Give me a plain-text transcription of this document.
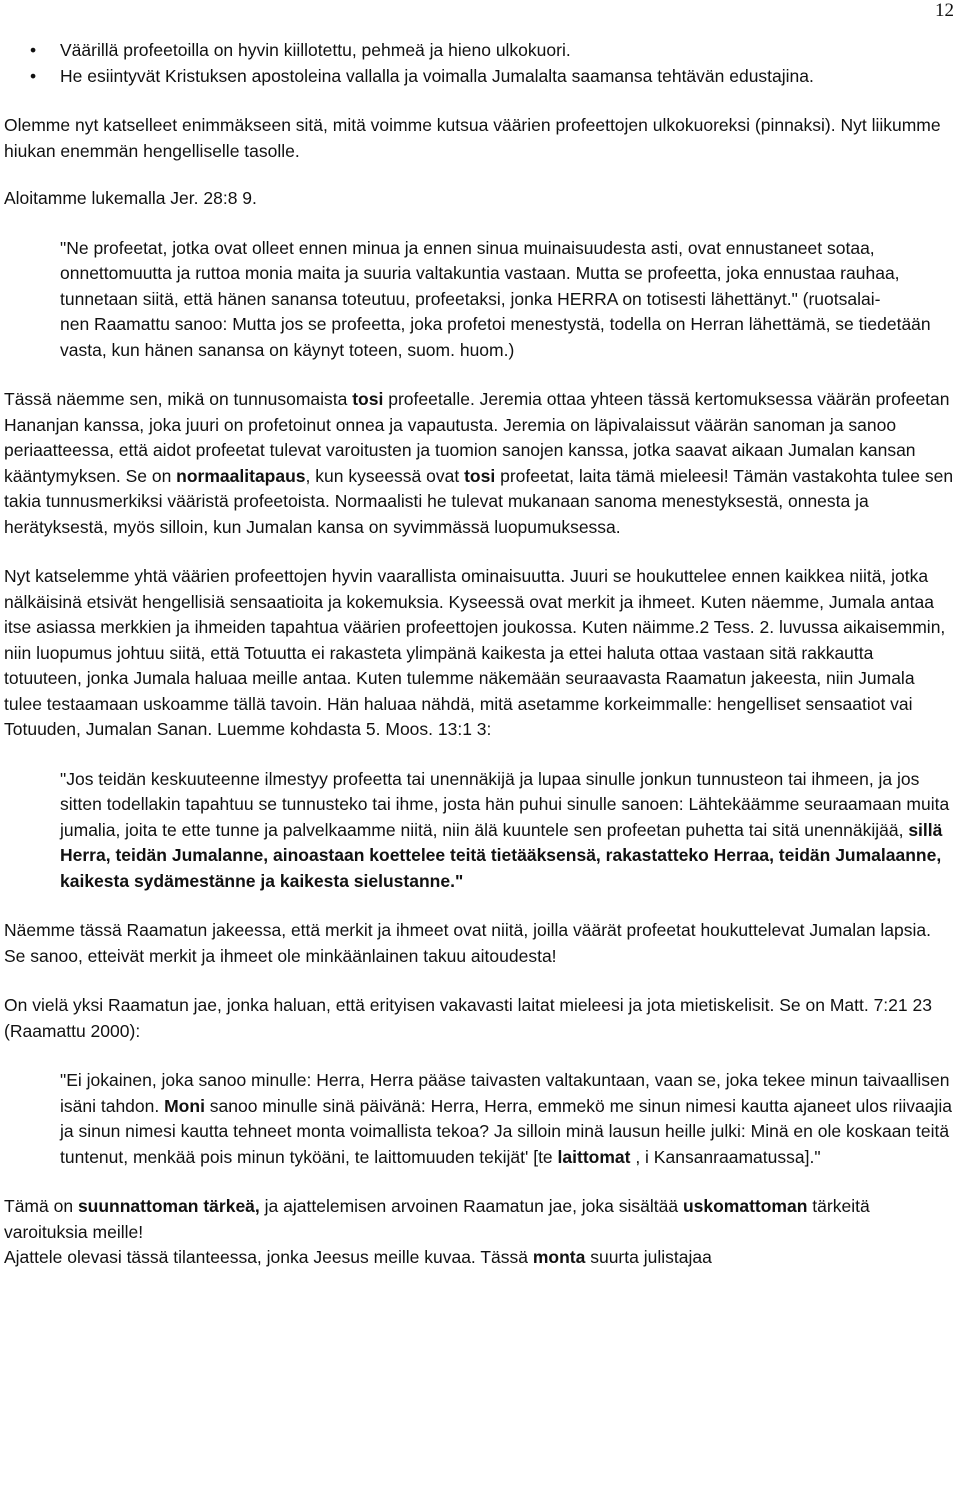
12
• Väärillä profeetoilla on hyvin kiillotettu, pehmeä ja hieno ulkokuori.
• He esiintyvät Kristuksen apostoleina vallalla ja voimalla Jumalalta saamansa tehtävän edustajina.

Olemme nyt katselleet enimmäkseen sitä, mitä voimme kutsua väärien profeettojen ulkokuoreksi (pinnaksi). Nyt liikumme hiukan enemmän hengelliselle tasolle.

Aloitamme lukemalla Jer. 28:8 9.

"Ne profeetat, jotka ovat olleet ennen minua ja ennen sinua muinaisuudesta asti, ovat ennustaneet sotaa, onnettomuutta ja ruttoa monia maita ja suuria valtakuntia vastaan. Mutta se profeetta, joka ennustaa rauhaa, tunnetaan siitä, että hänen sanansa toteutuu, profeetaksi, jonka HERRA on totisesti lähettänyt." (ruotsalai-
nen Raamattu sanoo: Mutta jos se profeetta, joka profetoi menestystä, todella on Herran lähettämä, se tiedetään vasta, kun hänen sanansa on käynyt toteen, suom. huom.)

Tässä näemme sen, mikä on tunnusomaista tosi profeetalle. Jeremia ottaa yhteen tässä kertomuksessa väärän profeetan Hananjan kanssa, joka juuri on profetoinut onnea ja vapautusta. Jeremia on läpivalaissut väärän sanoman ja sanoo periaatteessa, että aidot profeetat tulevat varoitusten ja tuomion sanojen kanssa, jotka saavat aikaan Jumalan kansan kääntymyksen. Se on normaalitapaus, kun kyseessä ovat tosi profeetat, laita tämä mieleesi! Tämän vastakohta tulee sen takia tunnusmerkiksi vääristä profeetoista. Normaalisti he tulevat mukanaan sanoma menestyksestä, onnesta ja herätyksestä, myös silloin, kun Jumalan kansa on syvimmässä luopumuksessa.

Nyt katselemme yhtä väärien profeettojen hyvin vaarallista ominaisuutta. Juuri se houkuttelee ennen kaikkea niitä, jotka nälkäisinä etsivät hengellisiä sensaatioita ja kokemuksia. Kyseessä ovat merkit ja ihmeet. Kuten näemme, Jumala antaa itse asiassa merkkien ja ihmeiden tapahtua väärien profeettojen joukossa. Kuten näimme.2 Tess. 2. luvussa aikaisemmin, niin luopumus johtuu siitä, että Totuutta ei rakasteta ylimpänä kaikesta ja ettei haluta ottaa vastaan sitä rakkautta totuuteen, jonka Jumala haluaa meille antaa. Kuten tulemme näkemään seuraavasta Raamatun jakeesta, niin Jumala tulee testaamaan uskoamme tällä tavoin. Hän haluaa nähdä, mitä asetamme korkeimmalle: hengelliset sensaatiot vai Totuuden, Jumalan Sanan. Luemme kohdasta 5. Moos. 13:1 3:

"Jos teidän keskuuteenne ilmestyy profeetta tai unennäkijä ja lupaa sinulle jonkun tunnusteon tai ihmeen, ja jos sitten todellakin tapahtuu se tunnusteko tai ihme, josta hän puhui sinulle sanoen: Lähtekäämme seuraamaan muita jumalia, joita te ette tunne ja palvelkaamme niitä, niin älä kuuntele sen profeetan puhetta tai sitä unennäkijää, sillä Herra, teidän Jumalanne, ainoastaan koettelee teitä tietääksensä, rakastatteko Herraa, teidän Jumalaanne, kaikesta sydämestänne ja kaikesta sielustanne."

Näemme tässä Raamatun jakeessa, että merkit ja ihmeet ovat niitä, joilla väärät profeetat houkuttelevat Jumalan lapsia. Se sanoo, etteivät merkit ja ihmeet ole minkäänlainen takuu aitoudesta!

On vielä yksi Raamatun jae, jonka haluan, että erityisen vakavasti laitat mieleesi ja jota mietiskelisit. Se on Matt. 7:21 23 (Raamattu 2000):

"Ei jokainen, joka sanoo minulle: Herra, Herra pääse taivasten valtakuntaan, vaan se, joka tekee minun taivaallisen isäni tahdon. Moni sanoo minulle sinä päivänä: Herra, Herra, emmekö me sinun nimesi kautta ajaneet ulos riivaajia ja sinun nimesi kautta tehneet monta voimallista tekoa? Ja silloin minä lausun heille julki: Minä en ole koskaan teitä tuntenut, menkää pois minun tyköäni, te laittomuuden tekijät' [te laittomat , i Kansanraamatussa]."

Tämä on suunnattoman tärkeä, ja ajattelemisen arvoinen Raamatun jae, joka sisältää uskomattoman tärkeitä varoituksia meille!

Ajattele olevasi tässä tilanteessa, jonka Jeesus meille kuvaa. Tässä monta suurta julistajaa
